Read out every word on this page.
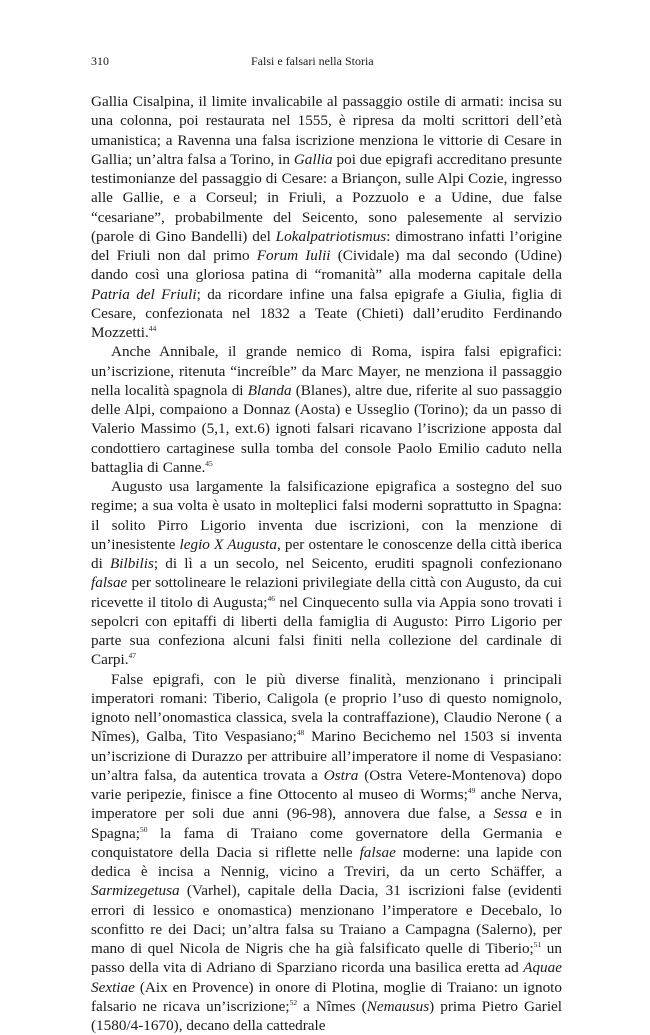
310	Falsi e falsari nella Storia

Gallia Cisalpina, il limite invalicabile al passaggio ostile di armati: incisa su una colonna, poi restaurata nel 1555, è ripresa da molti scrittori dell’età umanistica; a Ravenna una falsa iscrizione menziona le vittorie di Cesare in Gallia; un’altra falsa a Torino, in Gallia poi due epigrafi accreditano presunte testimonianze del passaggio di Cesare: a Briançon, sulle Alpi Cozie, ingresso alle Gallie, e a Corseul; in Friuli, a Pozzuolo e a Udine, due false “cesariane”, probabilmente del Seicento, sono palesemente al servizio (parole di Gino Bandelli) del Lokalpatriotismus: dimostrano infatti l’origine del Friuli non dal primo Forum Iulii (Cividale) ma dal secondo (Udine) dando così una gloriosa patina di “romanità” alla moderna capitale della Patria del Friuli; da ricordare infine una falsa epigrafe a Giulia, figlia di Cesare, confezionata nel 1832 a Teate (Chieti) dall’erudito Ferdinando Mozzetti.$^{44}$

Anche Annibale, il grande nemico di Roma, ispira falsi epigrafici: un’iscrizione, ritenuta “increíble” da Marc Mayer, ne menziona il passaggio nella località spagnola di Blanda (Blanes), altre due, riferite al suo passaggio delle Alpi, compaiono a Donnaz (Aosta) e Usseglio (Torino); da un passo di Valerio Massimo (5,1, ext.6) ignoti falsari ricavano l’iscrizione apposta dal condottiero cartaginese sulla tomba del console Paolo Emilio caduto nella battaglia di Canne.$^{45}$

Augusto usa largamente la falsificazione epigrafica a sostegno del suo regime; a sua volta è usato in molteplici falsi moderni soprattutto in Spagna: il solito Pirro Ligorio inventa due iscrizioni, con la menzione di un’inesistente legio X Augusta, per ostentare le conoscenze della città iberica di Bilbilis; di lì a un secolo, nel Seicento, eruditi spagnoli confezionano falsae per sottolineare le relazioni privilegiate della città con Augusto, da cui ricevette il titolo di Augusta;$^{46}$ nel Cinquecento sulla via Appia sono trovati i sepolcri con epitaffi di liberti della famiglia di Augusto: Pirro Ligorio per parte sua confeziona alcuni falsi finiti nella collezione del cardinale di Carpi.$^{47}$

False epigrafi, con le più diverse finalità, menzionano i principali imperatori romani: Tiberio, Caligola (e proprio l’uso di questo nomignolo, ignoto nell’onomastica classica, svela la contraffazione), Claudio Nerone ( a Nîmes), Galba, Tito Vespasiano;$^{48}$ Marino Becichemo nel 1503 si inventa un’iscrizione di Durazzo per attribuire all’imperatore il nome di Vespasiano: un’altra falsa, da autentica trovata a Ostra (Ostra Vetere-Montenova) dopo varie peripezie, finisce a fine Ottocento al museo di Worms;$^{49}$ anche Nerva, imperatore per soli due anni (96-98), annovera due false, a Sessa e in Spagna;$^{50}$ la fama di Traiano come governatore della Germania e conquistatore della Dacia si riflette nelle falsae moderne: una lapide con dedica è incisa a Nennig, vicino a Treviri, da un certo Schäffer, a Sarmizegetusa (Varhel), capitale della Dacia, 31 iscrizioni false (evidenti errori di lessico e onomastica) menzionano l’imperatore e Decebalo, lo sconfitto re dei Daci; un’altra falsa su Traiano a Campagna (Salerno), per mano di quel Nicola de Nigris che ha già falsificato quelle di Tiberio;$^{51}$ un passo della vita di Adriano di Sparziano ricorda una basilica eretta ad Aquae Sextiae (Aix en Provence) in onore di Plotina, moglie di Traiano: un ignoto falsario ne ricava un’iscrizione;$^{52}$ a Nîmes (Nemausus) prima Pietro Gariel (1580/4-1670), decano della cattedrale
